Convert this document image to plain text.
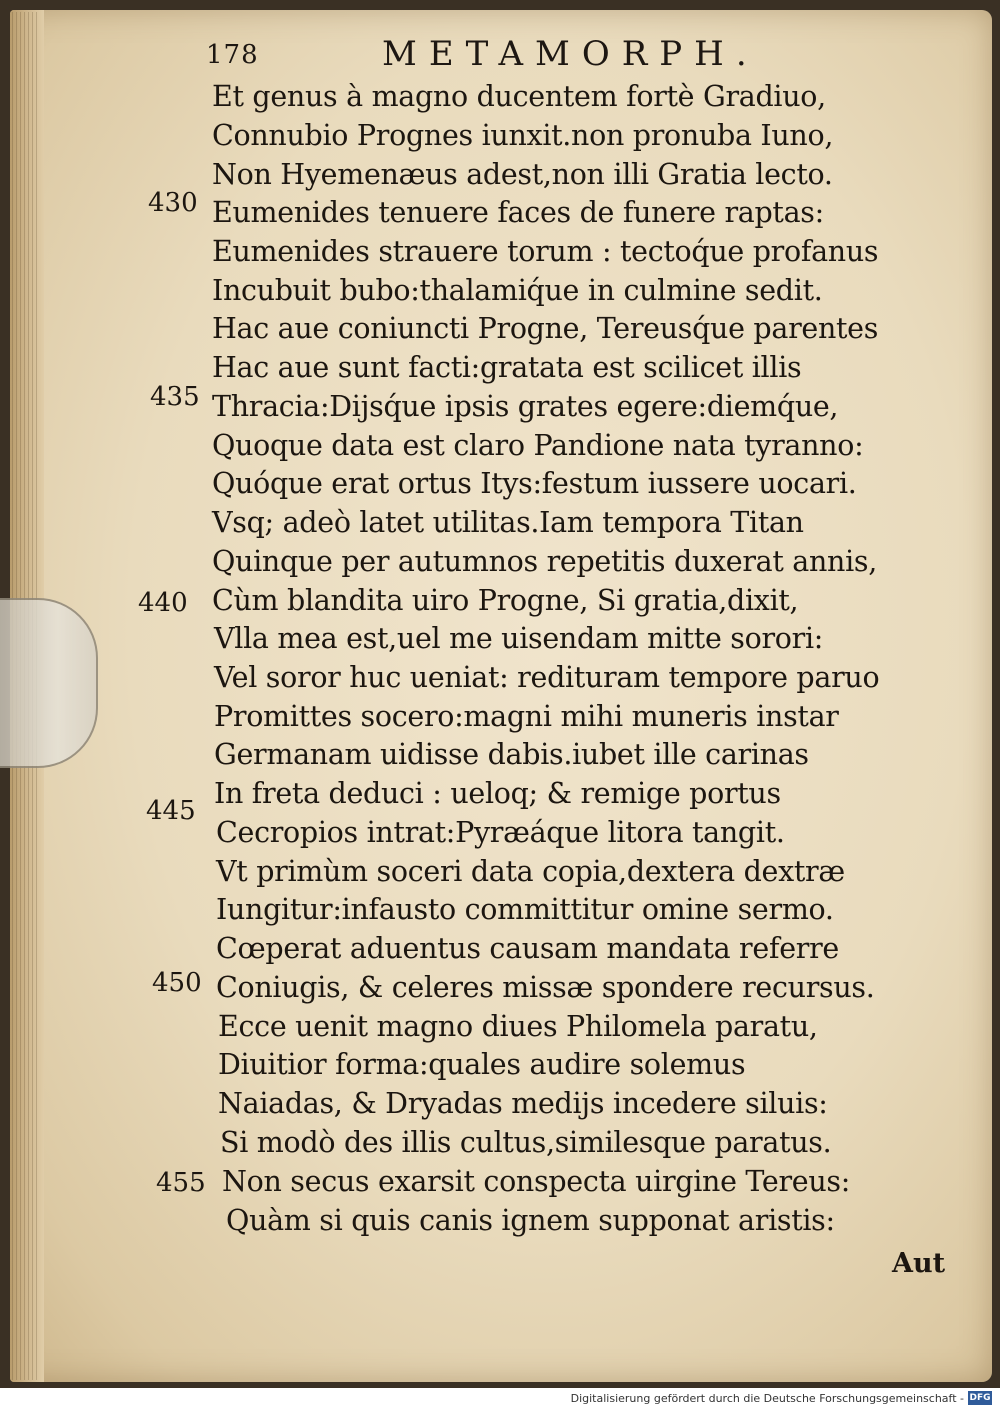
178	METAMORPH.
Et genus à magno ducentem fortè Gradiuo,
Connubio Prognes iunxit.non pronuba Iuno,
Non Hyemenæus adest,non illi Gratia lecto.
Eumenides tenuere faces de funere raptas:
Eumenides strauere torum : tectoq́ue profanus
Incubuit bubo:thalamiq́ue in culmine sedit.
Hac aue coniuncti Progne, Tereusq́ue parentes
Hac aue sunt facti:gratata est scilicet illis
Thracia:Dijsq́ue ipsis grates egere:diemq́ue,
Quoque data est claro Pandione nata tyranno:
Quóque erat ortus Itys:festum iussere uocari.
Vsq; adeò latet utilitas.Iam tempora Titan
Quinque per autumnos repetitis duxerat annis,
Cùm blandita uiro Progne, Si gratia,dixit,
Vlla mea est,uel me uisendam mitte sorori:
Vel soror huc ueniat: redituram tempore paruo
Promittes socero:magni mihi muneris instar
Germanam uidisse dabis.iubet ille carinas
In freta deduci : ueloq; & remige portus
Cecropios intrat:Pyræáque litora tangit.
Vt primùm soceri data copia,dextera dextræ
Iungitur:infausto committitur omine sermo.
Cœperat aduentus causam mandata referre
Coniugis, & celeres missæ spondere recursus.
Ecce uenit magno diues Philomela paratu,
Diuitior forma:quales audire solemus
Naiadas, & Dryadas medijs incedere siluis:
Si modò des illis cultus,similesque paratus.
Non secus exarsit conspecta uirgine Tereus:
Quàm si quis canis ignem supponat aristis:
430
435
440
445
450
455
Aut
Digitalisierung gefördert durch die Deutsche Forschungsgemeinschaft - DFG
